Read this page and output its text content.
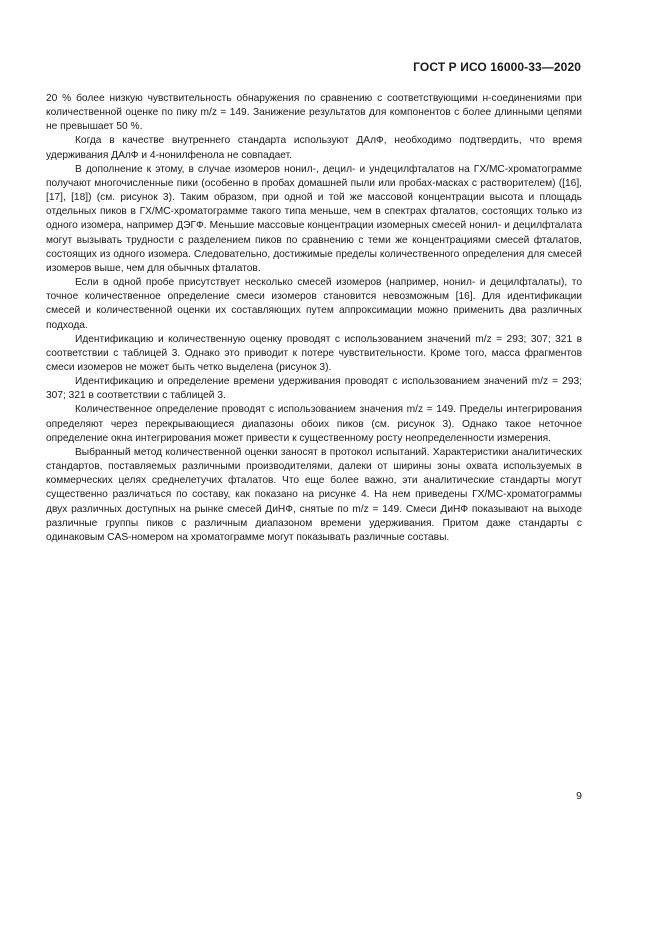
ГОСТ Р ИСО 16000-33—2020

20 % более низкую чувствительность обнаружения по сравнению с соответствующими н-соединениями при количественной оценке по пику m/z = 149. Занижение результатов для компонентов с более длинными цепями не превышает 50 %.

Когда в качестве внутреннего стандарта используют ДАлФ, необходимо подтвердить, что время удерживания ДАлФ и 4-нонилфенола не совпадает.

В дополнение к этому, в случае изомеров нонил-, децил- и ундецилфталатов на ГХ/МС-хроматограмме получают многочисленные пики (особенно в пробах домашней пыли или пробах-масках с растворителем) ([16], [17], [18]) (см. рисунок 3). Таким образом, при одной и той же массовой концентрации высота и площадь отдельных пиков в ГХ/МС-хроматограмме такого типа меньше, чем в спектрах фталатов, состоящих только из одного изомера, например ДЭГФ. Меньшие массовые концентрации изомерных смесей нонил- и децилфталата могут вызывать трудности с разделением пиков по сравнению с теми же концентрациями смесей фталатов, состоящих из одного изомера. Следовательно, достижимые пределы количественного определения для смесей изомеров выше, чем для обычных фталатов.

Если в одной пробе присутствует несколько смесей изомеров (например, нонил- и децилфталаты), то точное количественное определение смеси изомеров становится невозможным [16]. Для идентификации смесей и количественной оценки их составляющих путем аппроксимации можно применить два различных подхода.

Идентификацию и количественную оценку проводят с использованием значений m/z = 293; 307; 321 в соответствии с таблицей 3. Однако это приводит к потере чувствительности. Кроме того, масса фрагментов смеси изомеров не может быть четко выделена (рисунок 3).

Идентификацию и определение времени удерживания проводят с использованием значений m/z = 293; 307; 321 в соответствии с таблицей 3.

Количественное определение проводят с использованием значения m/z = 149. Пределы интегрирования определяют через перекрывающиеся диапазоны обоих пиков (см. рисунок 3). Однако такое неточное определение окна интегрирования может привести к существенному росту неопределенности измерения.

Выбранный метод количественной оценки заносят в протокол испытаний. Характеристики аналитических стандартов, поставляемых различными производителями, далеки от ширины зоны охвата используемых в коммерческих целях среднелетучих фталатов. Что еще более важно, эти аналитические стандарты могут существенно различаться по составу, как показано на рисунке 4. На нем приведены ГХ/МС-хроматограммы двух различных доступных на рынке смесей ДиНФ, снятые по m/z = 149. Смеси ДиНФ показывают на выходе различные группы пиков с различным диапазоном времени удерживания. Притом даже стандарты с одинаковым CAS-номером на хроматограмме могут показывать различные составы.

9
